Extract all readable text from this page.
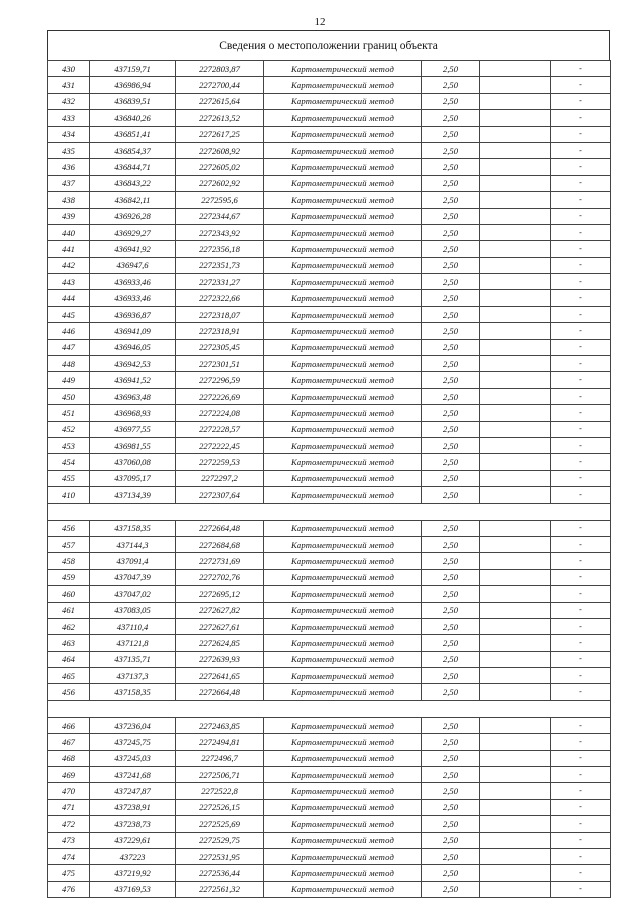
12
Сведения о местоположении границ объекта
430	437159,71	2272803,87	Картометрический метод	2,50		-
431	436986,94	2272700,44	Картометрический метод	2,50		-
432	436839,51	2272615,64	Картометрический метод	2,50		-
433	436840,26	2272613,52	Картометрический метод	2,50		-
434	436851,41	2272617,25	Картометрический метод	2,50		-
435	436854,37	2272608,92	Картометрический метод	2,50		-
436	436844,71	2272605,02	Картометрический метод	2,50		-
437	436843,22	2272602,92	Картометрический метод	2,50		-
438	436842,11	2272595,6	Картометрический метод	2,50		-
439	436926,28	2272344,67	Картометрический метод	2,50		-
440	436929,27	2272343,92	Картометрический метод	2,50		-
441	436941,92	2272356,18	Картометрический метод	2,50		-
442	436947,6	2272351,73	Картометрический метод	2,50		-
443	436933,46	2272331,27	Картометрический метод	2,50		-
444	436933,46	2272322,66	Картометрический метод	2,50		-
445	436936,87	2272318,07	Картометрический метод	2,50		-
446	436941,09	2272318,91	Картометрический метод	2,50		-
447	436946,05	2272305,45	Картометрический метод	2,50		-
448	436942,53	2272301,51	Картометрический метод	2,50		-
449	436941,52	2272296,59	Картометрический метод	2,50		-
450	436963,48	2272226,69	Картометрический метод	2,50		-
451	436968,93	2272224,08	Картометрический метод	2,50		-
452	436977,55	2272228,57	Картометрический метод	2,50		-
453	436981,55	2272222,45	Картометрический метод	2,50		-
454	437060,08	2272259,53	Картометрический метод	2,50		-
455	437095,17	2272297,2	Картометрический метод	2,50		-
410	437134,39	2272307,64	Картометрический метод	2,50		-

456	437158,35	2272664,48	Картометрический метод	2,50		-
457	437144,3	2272684,68	Картометрический метод	2,50		-
458	437091,4	2272731,69	Картометрический метод	2,50		-
459	437047,39	2272702,76	Картометрический метод	2,50		-
460	437047,02	2272695,12	Картометрический метод	2,50		-
461	437083,05	2272627,82	Картометрический метод	2,50		-
462	437110,4	2272627,61	Картометрический метод	2,50		-
463	437121,8	2272624,85	Картометрический метод	2,50		-
464	437135,71	2272639,93	Картометрический метод	2,50		-
465	437137,3	2272641,65	Картометрический метод	2,50		-
456	437158,35	2272664,48	Картометрический метод	2,50		-

466	437236,04	2272463,85	Картометрический метод	2,50		-
467	437245,75	2272494,81	Картометрический метод	2,50		-
468	437245,03	2272496,7	Картометрический метод	2,50		-
469	437241,68	2272506,71	Картометрический метод	2,50		-
470	437247,87	2272522,8	Картометрический метод	2,50		-
471	437238,91	2272526,15	Картометрический метод	2,50		-
472	437238,73	2272525,69	Картометрический метод	2,50		-
473	437229,61	2272529,75	Картометрический метод	2,50		-
474	437223	2272531,95	Картометрический метод	2,50		-
475	437219,92	2272536,44	Картометрический метод	2,50		-
476	437169,53	2272561,32	Картометрический метод	2,50		-
